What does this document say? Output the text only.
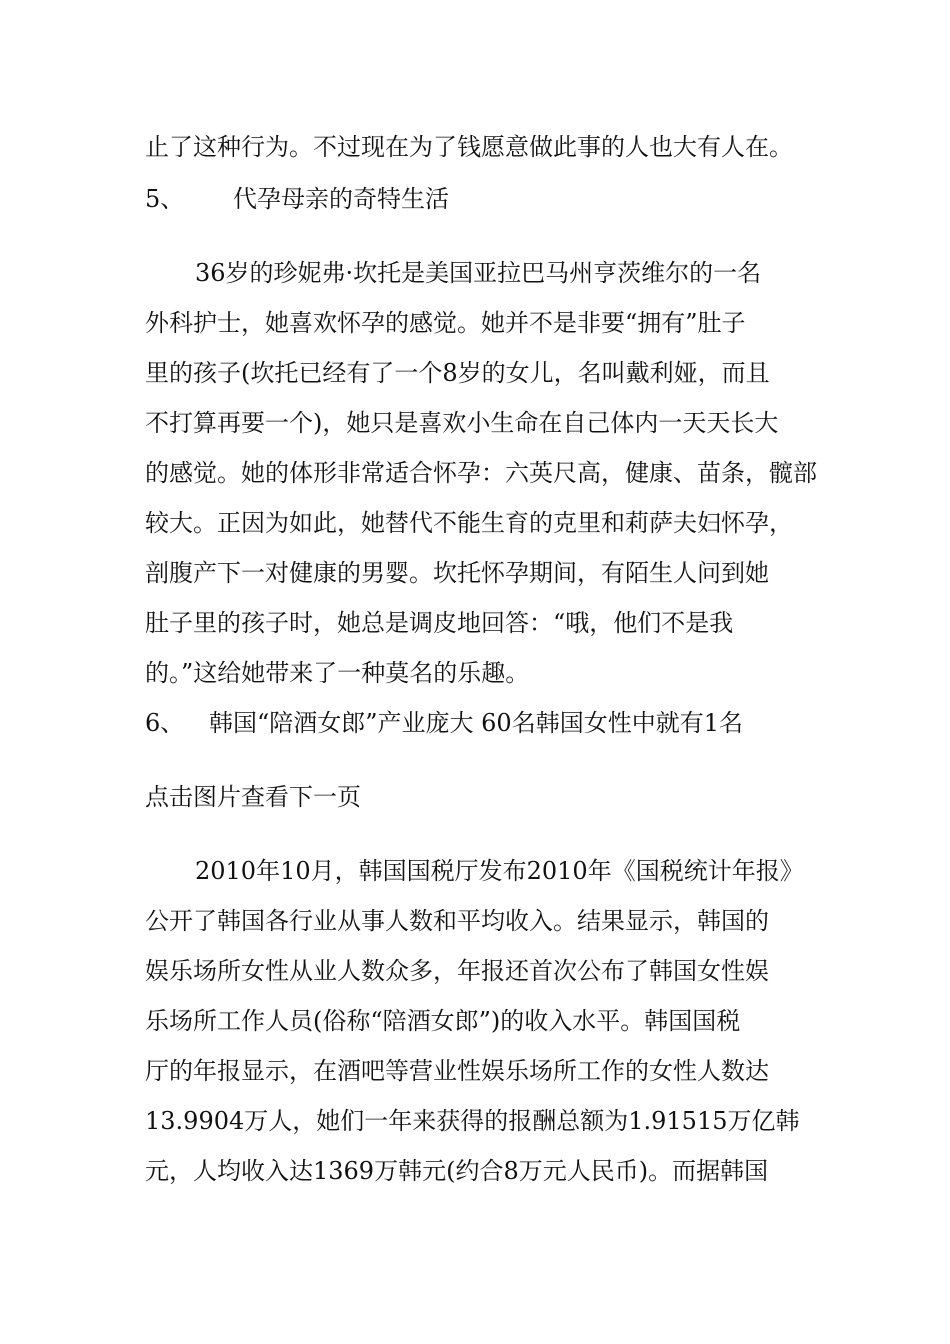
止了这种行为。不过现在为了钱愿意做此事的人也大有人在。
5、 代孕母亲的奇特生活
36岁的珍妮弗·坎托是美国亚拉巴马州亨茨维尔的一名
外科护士，她喜欢怀孕的感觉。她并不是非要“拥有”肚子
里的孩子(坎托已经有了一个8岁的女儿，名叫戴利娅，而且
不打算再要一个)，她只是喜欢小生命在自己体内一天天长大
的感觉。她的体形非常适合怀孕：六英尺高，健康、苗条，髋部
较大。正因为如此，她替代不能生育的克里和莉萨夫妇怀孕，
剖腹产下一对健康的男婴。坎托怀孕期间，有陌生人问到她
肚子里的孩子时，她总是调皮地回答：“哦，他们不是我
的。”这给她带来了一种莫名的乐趣。
6、 韩国“陪酒女郎”产业庞大 60名韩国女性中就有1名
点击图片查看下一页
2010年10月，韩国国税厅发布2010年《国税统计年报》
公开了韩国各行业从事人数和平均收入。结果显示，韩国的
娱乐场所女性从业人数众多，年报还首次公布了韩国女性娱
乐场所工作人员(俗称“陪酒女郎”)的收入水平。韩国国税
厅的年报显示，在酒吧等营业性娱乐场所工作的女性人数达
13.9904万人，她们一年来获得的报酬总额为1.91515万亿韩
元，人均收入达1369万韩元(约合8万元人民币)。而据韩国
